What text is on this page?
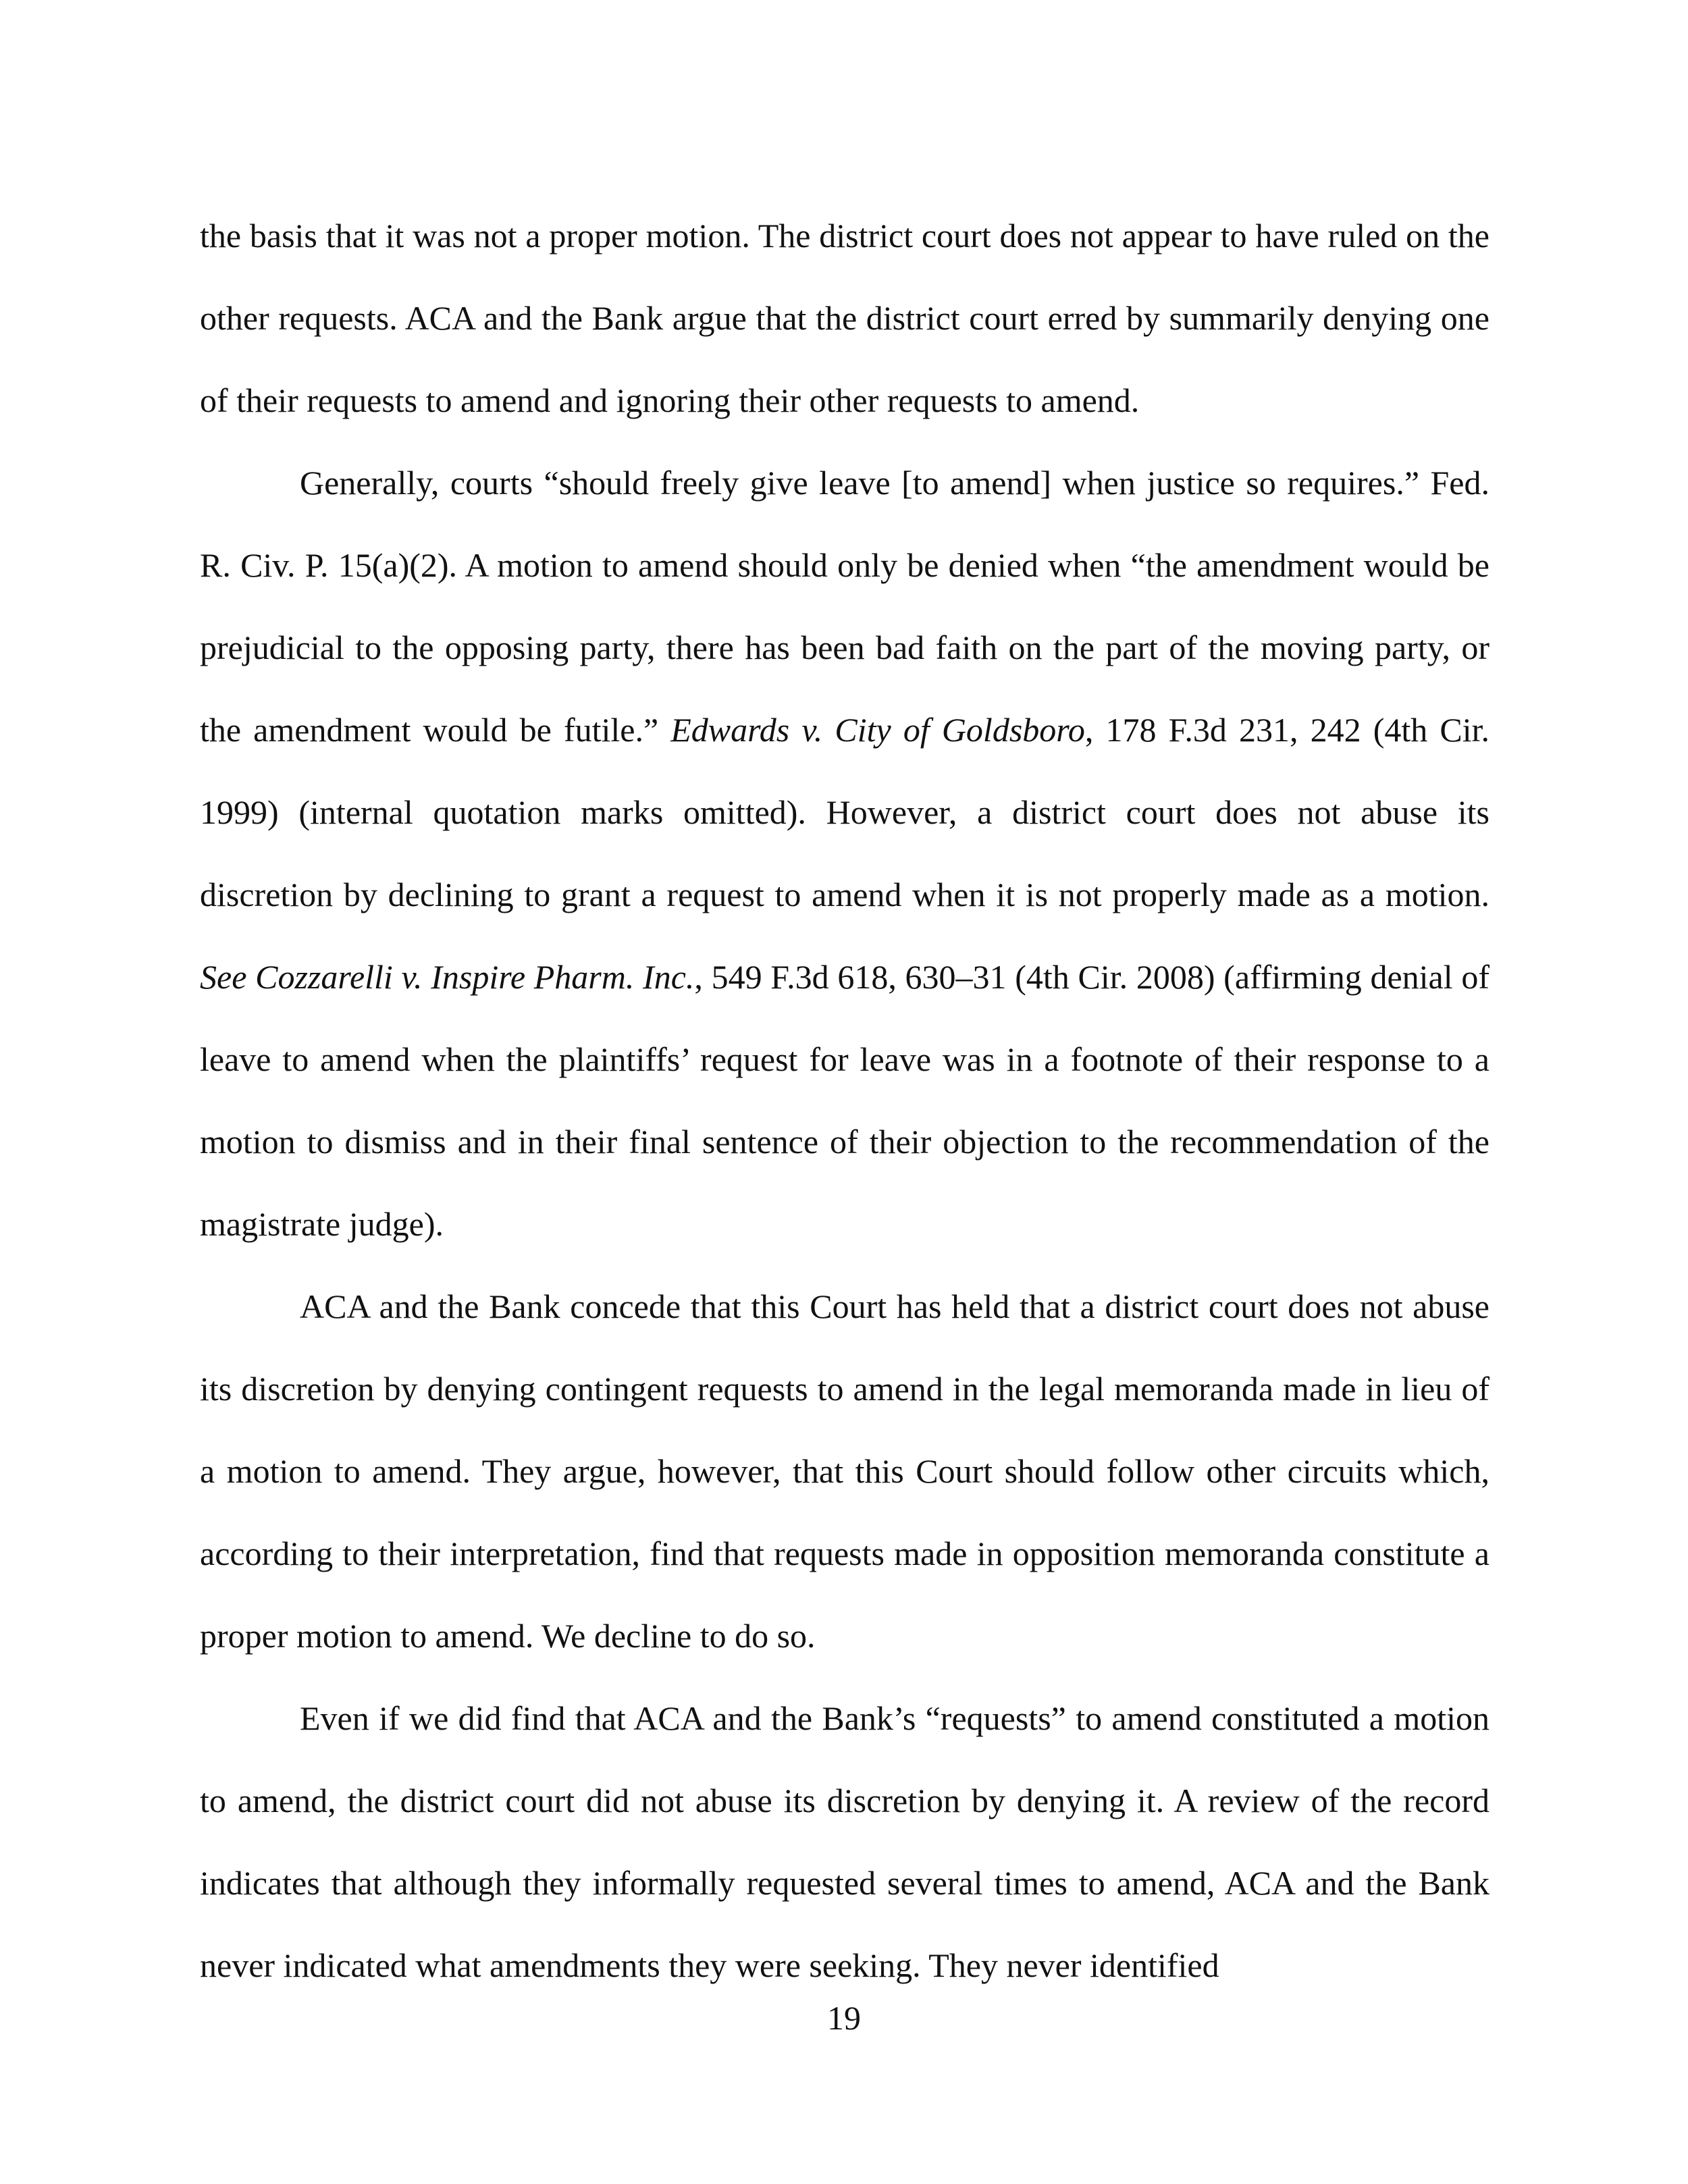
the basis that it was not a proper motion. The district court does not appear to have ruled on the other requests. ACA and the Bank argue that the district court erred by summarily denying one of their requests to amend and ignoring their other requests to amend.

Generally, courts “should freely give leave [to amend] when justice so requires.” Fed. R. Civ. P. 15(a)(2). A motion to amend should only be denied when “the amendment would be prejudicial to the opposing party, there has been bad faith on the part of the moving party, or the amendment would be futile.” Edwards v. City of Goldsboro, 178 F.3d 231, 242 (4th Cir. 1999) (internal quotation marks omitted). However, a district court does not abuse its discretion by declining to grant a request to amend when it is not properly made as a motion. See Cozzarelli v. Inspire Pharm. Inc., 549 F.3d 618, 630–31 (4th Cir. 2008) (affirming denial of leave to amend when the plaintiffs’ request for leave was in a footnote of their response to a motion to dismiss and in their final sentence of their objection to the recommendation of the magistrate judge).

ACA and the Bank concede that this Court has held that a district court does not abuse its discretion by denying contingent requests to amend in the legal memoranda made in lieu of a motion to amend. They argue, however, that this Court should follow other circuits which, according to their interpretation, find that requests made in opposition memoranda constitute a proper motion to amend. We decline to do so.

Even if we did find that ACA and the Bank’s “requests” to amend constituted a motion to amend, the district court did not abuse its discretion by denying it. A review of the record indicates that although they informally requested several times to amend, ACA and the Bank never indicated what amendments they were seeking. They never identified

19
